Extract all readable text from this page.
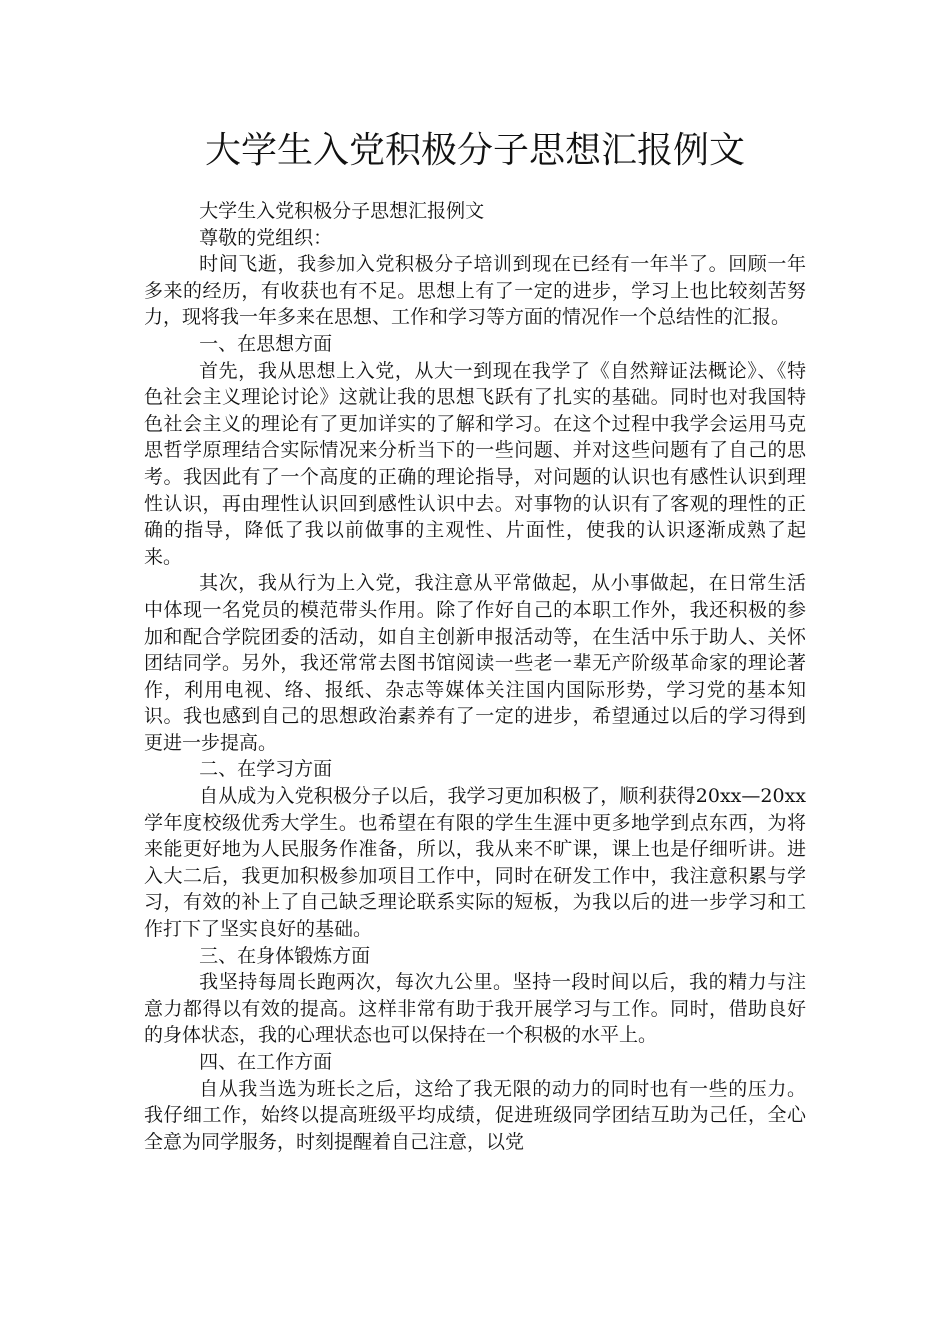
大学生入党积极分子思想汇报例文

大学生入党积极分子思想汇报例文

尊敬的党组织：

时间飞逝，我参加入党积极分子培训到现在已经有一年半了。回顾一年多来的经历，有收获也有不足。思想上有了一定的进步，学习上也比较刻苦努力，现将我一年多来在思想、工作和学习等方面的情况作一个总结性的汇报。

一、在思想方面

首先，我从思想上入党，从大一到现在我学了《自然辩证法概论》、《特色社会主义理论讨论》这就让我的思想飞跃有了扎实的基础。同时也对我国特色社会主义的理论有了更加详实的了解和学习。在这个过程中我学会运用马克思哲学原理结合实际情况来分析当下的一些问题、并对这些问题有了自己的思考。我因此有了一个高度的正确的理论指导，对问题的认识也有感性认识到理性认识，再由理性认识回到感性认识中去。对事物的认识有了客观的理性的正确的指导，降低了我以前做事的主观性、片面性，使我的认识逐渐成熟了起来。

其次，我从行为上入党，我注意从平常做起，从小事做起，在日常生活中体现一名党员的模范带头作用。除了作好自己的本职工作外，我还积极的参加和配合学院团委的活动，如自主创新申报活动等，在生活中乐于助人、关怀团结同学。另外，我还常常去图书馆阅读一些老一辈无产阶级革命家的理论著作，利用电视、络、报纸、杂志等媒体关注国内国际形势，学习党的基本知识。我也感到自己的思想政治素养有了一定的进步，希望通过以后的学习得到更进一步提高。

二、在学习方面

自从成为入党积极分子以后，我学习更加积极了，顺利获得20xx—20xx学年度校级优秀大学生。也希望在有限的学生生涯中更多地学到点东西，为将来能更好地为人民服务作准备，所以，我从来不旷课，课上也是仔细听讲。进入大二后，我更加积极参加项目工作中，同时在研发工作中，我注意积累与学习，有效的补上了自己缺乏理论联系实际的短板，为我以后的进一步学习和工作打下了坚实良好的基础。

三、在身体锻炼方面

我坚持每周长跑两次，每次九公里。坚持一段时间以后，我的精力与注意力都得以有效的提高。这样非常有助于我开展学习与工作。同时，借助良好的身体状态，我的心理状态也可以保持在一个积极的水平上。

四、在工作方面

自从我当选为班长之后，这给了我无限的动力的同时也有一些的压力。我仔细工作，始终以提高班级平均成绩，促进班级同学团结互助为己任，全心全意为同学服务，时刻提醒着自己注意，以党
